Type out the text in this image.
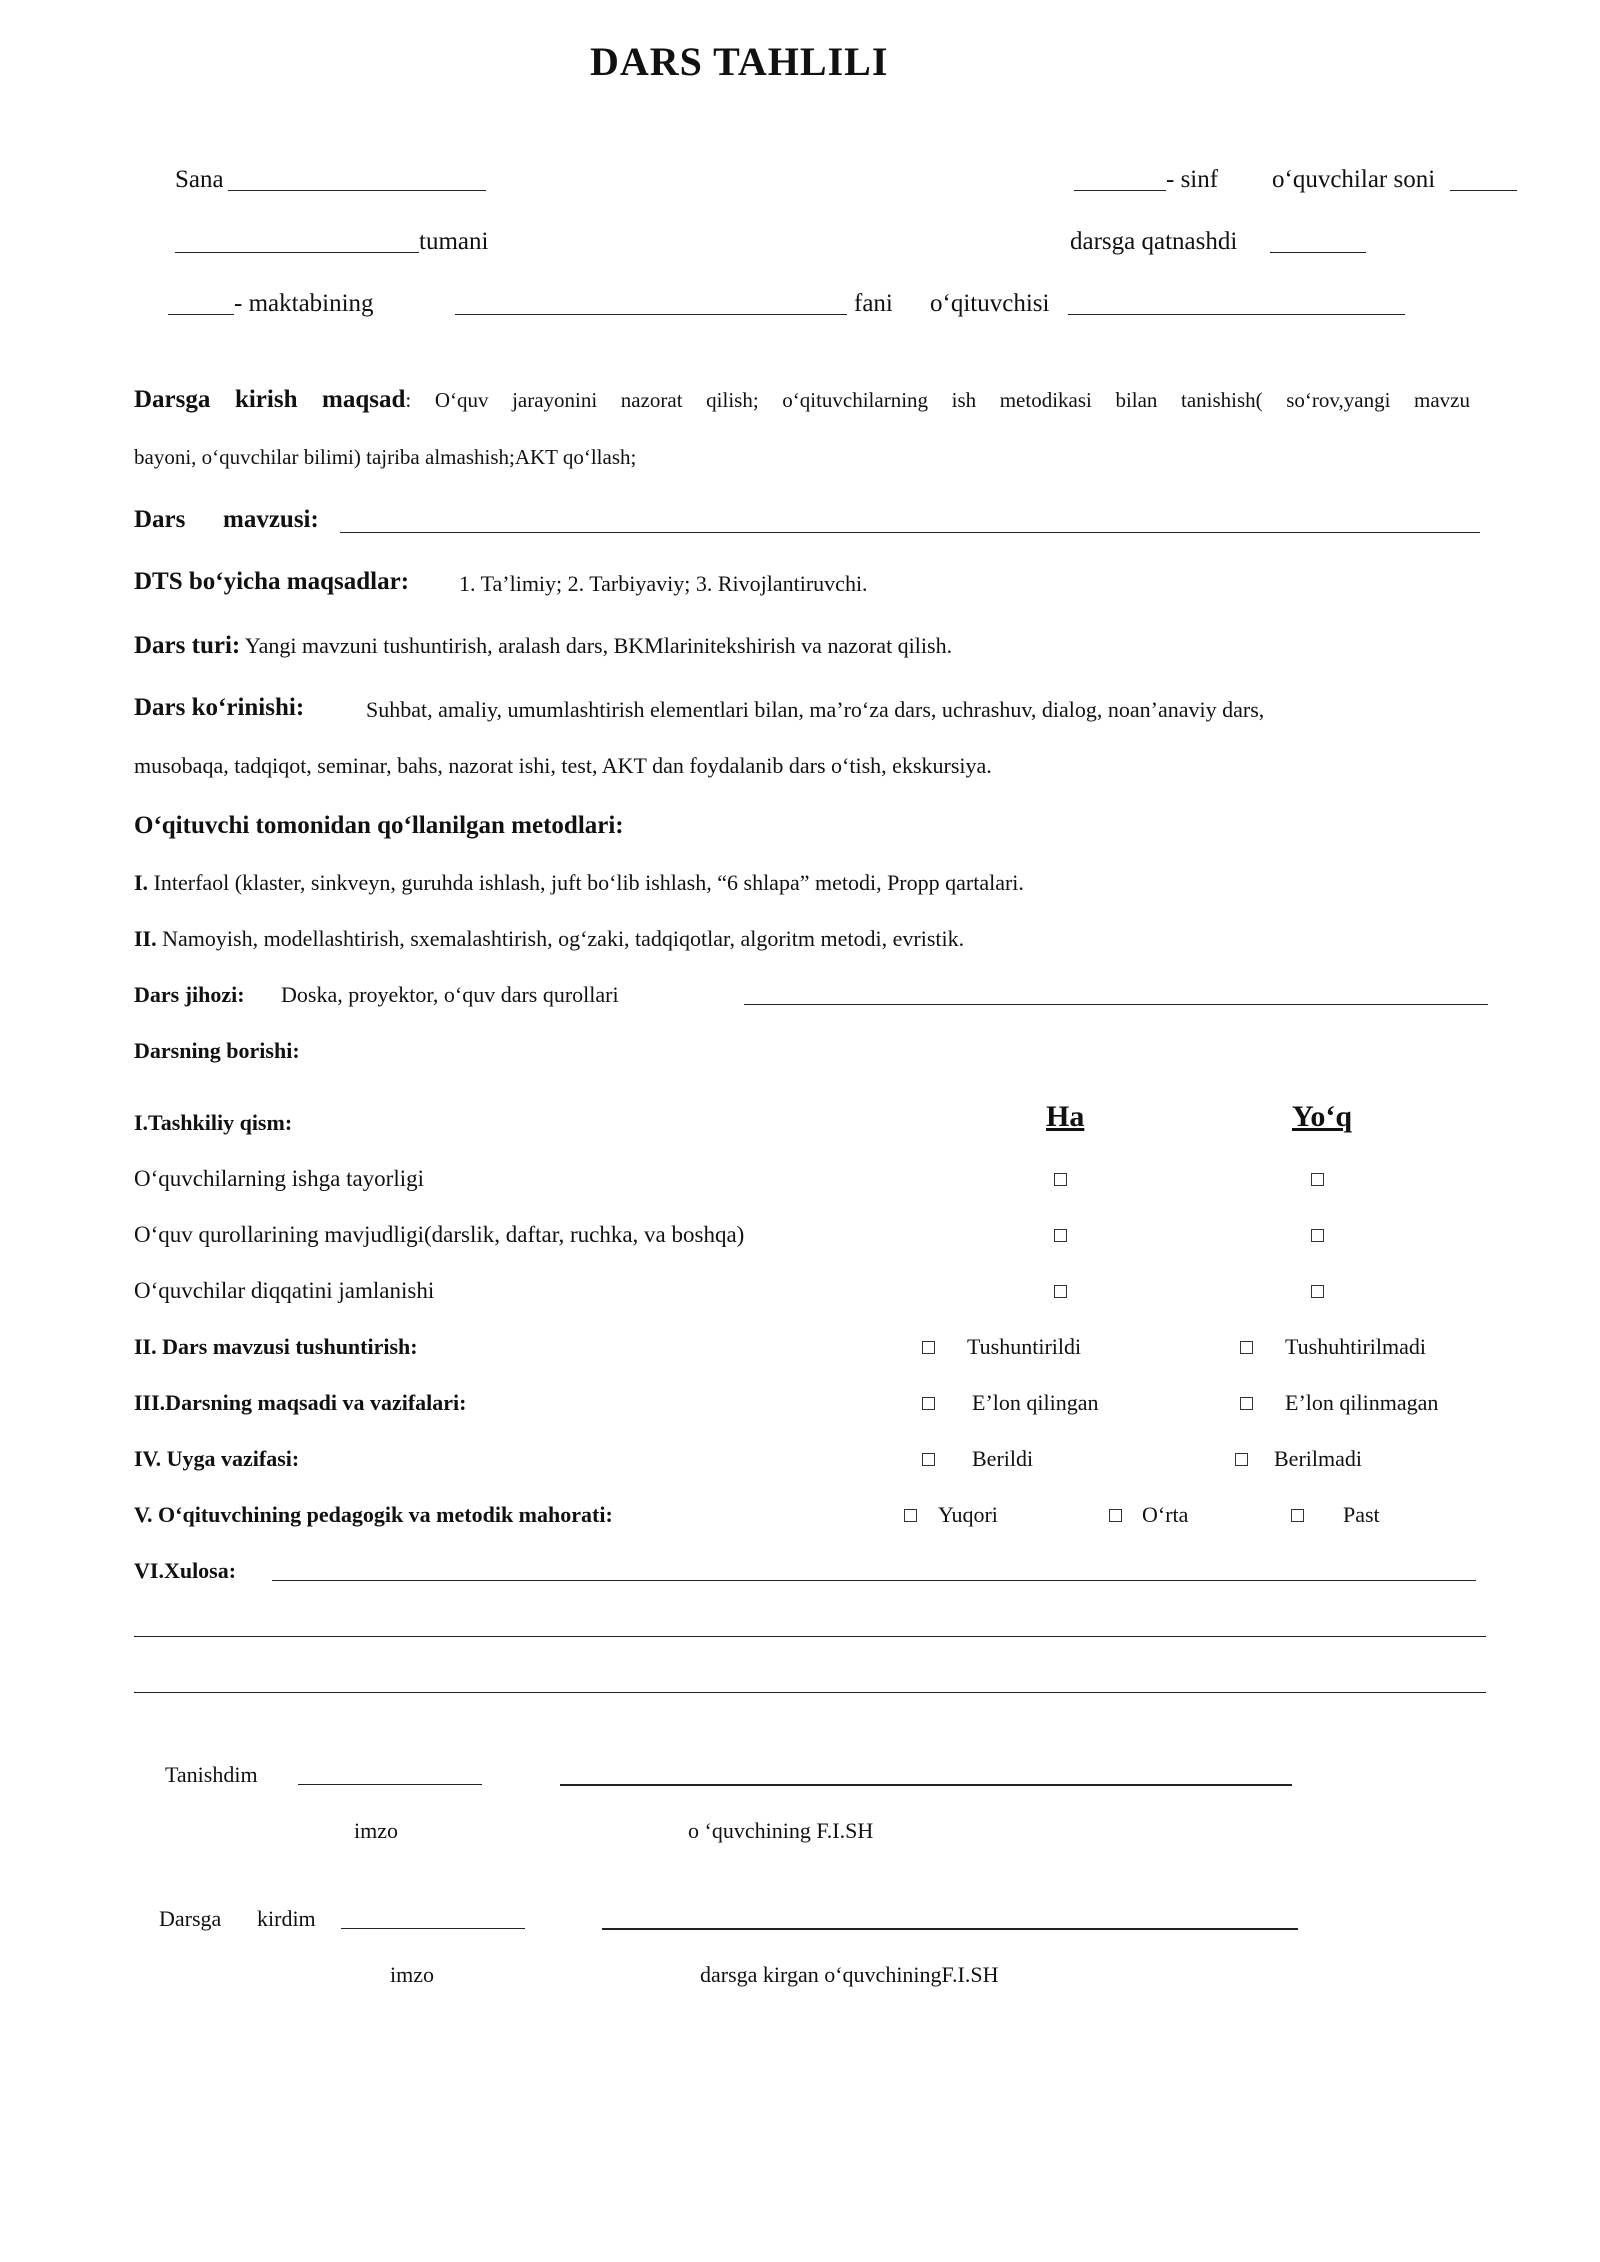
DARS TAHLILI
Sana	- sinf o‘quvchilar soni
tumani	darsga qatnashdi
- maktabining	fani o‘qituvchisi
Darsga kirish maqsad: O‘quv jarayonini nazorat qilish; o‘qituvchilarning ish metodikasi bilan tanishish( so‘rov,yangi mavzu
bayoni, o‘quvchilar bilimi) tajriba almashish;AKT qo‘llash;
Dars mavzusi:
DTS bo‘yicha maqsadlar: 1. Ta’limiy; 2. Tarbiyaviy; 3. Rivojlantiruvchi.
Dars turi: Yangi mavzuni tushuntirish, aralash dars, BKMlarinitekshirish va nazorat qilish.
Dars ko‘rinishi:	Suhbat, amaliy, umumlashtirish elementlari bilan, ma’ro‘za dars, uchrashuv, dialog, noan’anaviy dars,
musobaqa, tadqiqot, seminar, bahs, nazorat ishi, test, AKT dan foydalanib dars o‘tish, ekskursiya.
O‘qituvchi tomonidan qo‘llanilgan metodlari:
I. Interfaol (klaster, sinkveyn, guruhda ishlash, juft bo‘lib ishlash, “6 shlapa” metodi, Propp qartalari.
II. Namoyish, modellashtirish, sxemalashtirish, og‘zaki, tadqiqotlar, algoritm metodi, evristik.
Dars jihozi: Doska, proyektor, o‘quv dars qurollari
Darsning borishi:
I.Tashkiliy qism:	Ha	Yo‘q
O‘quvchilarning ishga tayorligi
O‘quv qurollarining mavjudligi(darslik, daftar, ruchka, va boshqa)
O‘quvchilar diqqatini jamlanishi
II. Dars mavzusi tushuntirish:	Tushuntirildi	Tushuhtirilmadi
III.Darsning maqsadi va vazifalari:	E’lon qilingan	E’lon qilinmagan
IV. Uyga vazifasi:	Berildi	Berilmadi
V. O‘qituvchining pedagogik va metodik mahorati:	Yuqori	O‘rta	Past
VI.Xulosa:
Tanishdim
imzo	o ‘quvchining F.I.SH
Darsga kirdim
imzo	darsga kirgan o‘quvchiningF.I.SH
